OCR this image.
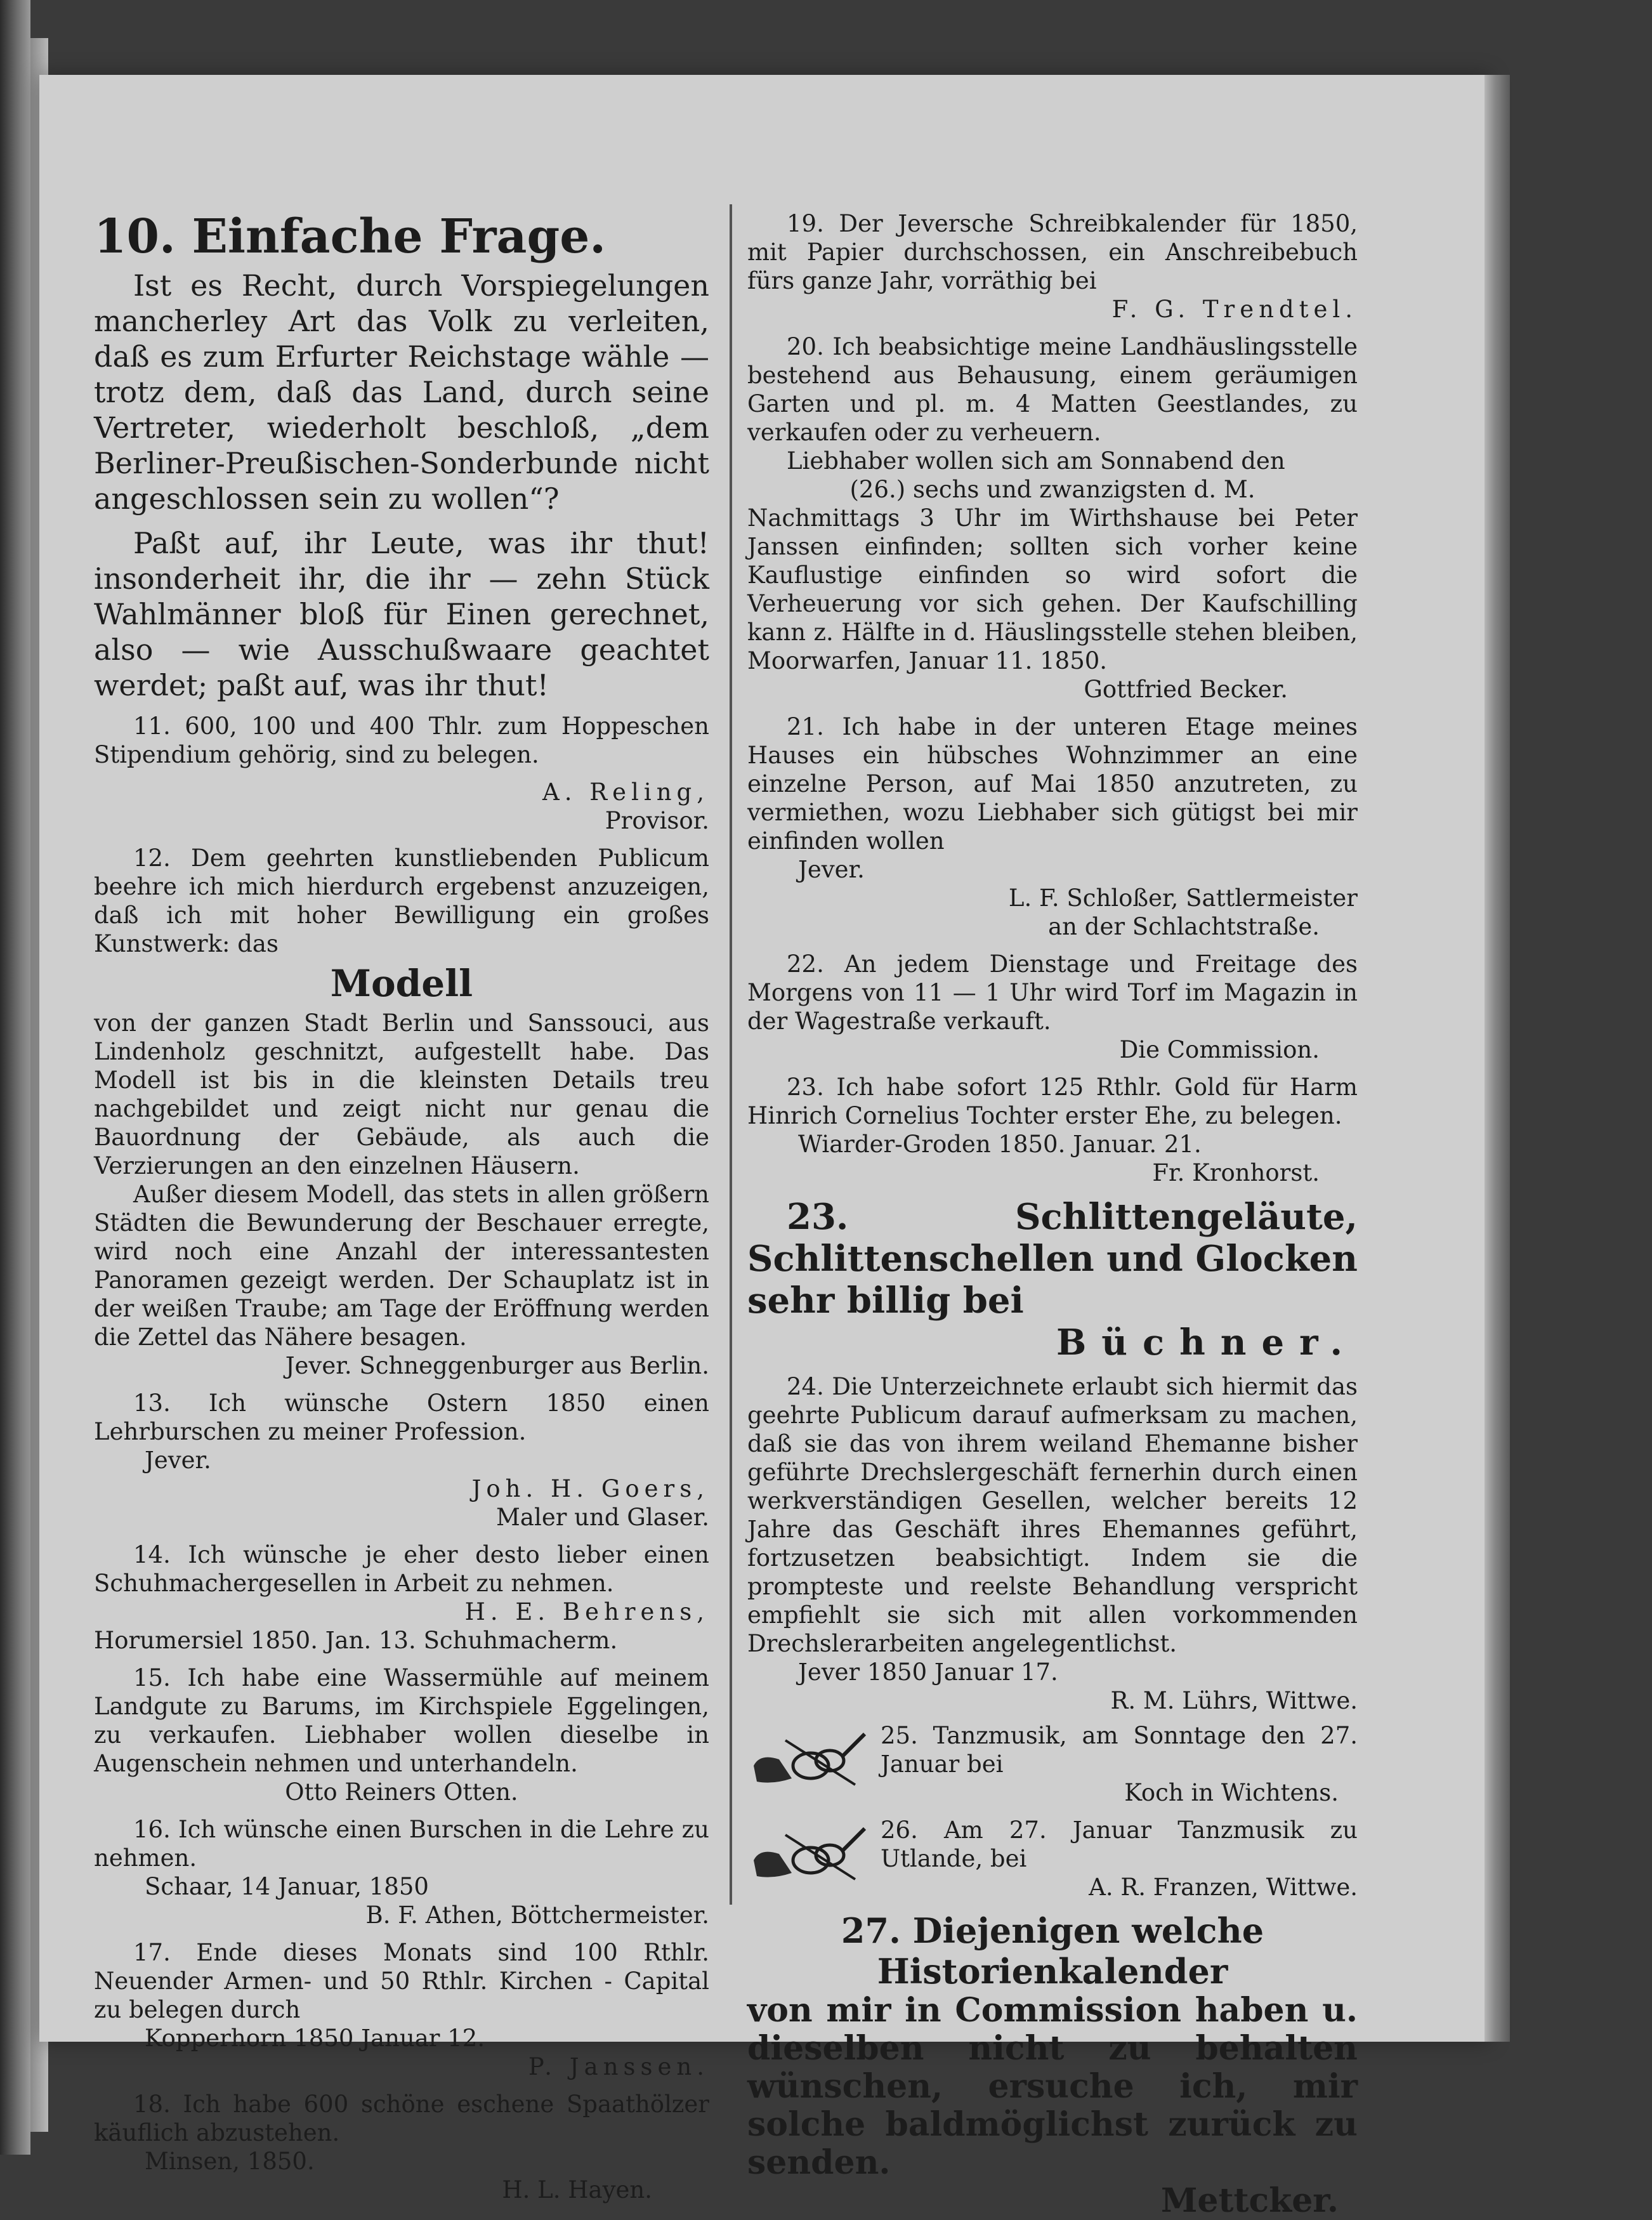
10. Einfache Frage.
Ist es Recht, durch Vorspiegelungen mancherley Art das Volk zu verleiten, daß es zum Erfurter Reichstage wähle — trotz dem, daß das Land, durch seine Vertreter, wiederholt beschloß, „dem Berliner-Preußischen-Sonderbunde nicht angeschlossen sein zu wollen“?
Paßt auf, ihr Leute, was ihr thut! insonderheit ihr, die ihr — zehn Stück Wahlmänner bloß für Einen gerechnet, also — wie Ausschußwaare geachtet werdet; paßt auf, was ihr thut!
11. 600, 100 und 400 Thlr. zum Hoppeschen Stipendium gehörig, sind zu belegen.
A. Reling,
Provisor.
12. Dem geehrten kunstliebenden Publicum beehre ich mich hierdurch ergebenst anzuzeigen, daß ich mit hoher Bewilligung ein großes Kunstwerk: das
Modell
von der ganzen Stadt Berlin und Sanssouci, aus Lindenholz geschnitzt, aufgestellt habe. Das Modell ist bis in die kleinsten Details treu nachgebildet und zeigt nicht nur genau die Bauordnung der Gebäude, als auch die Verzierungen an den einzelnen Häusern.
Außer diesem Modell, das stets in allen größern Städten die Bewunderung der Beschauer erregte, wird noch eine Anzahl der interessantesten Panoramen gezeigt werden. Der Schauplatz ist in der weißen Traube; am Tage der Eröffnung werden die Zettel das Nähere besagen.
Jever. Schneggenburger aus Berlin.
13. Ich wünsche Ostern 1850 einen Lehrburschen zu meiner Profession.
Jever.
Joh. H. Goers,
Maler und Glaser.
14. Ich wünsche je eher desto lieber einen Schuhmachergesellen in Arbeit zu nehmen.
H. E. Behrens,
Horumersiel 1850. Jan. 13. Schuhmacherm.
15. Ich habe eine Wassermühle auf meinem Landgute zu Barums, im Kirchspiele Eggelingen, zu verkaufen. Liebhaber wollen dieselbe in Augenschein nehmen und unterhandeln.
Otto Reiners Otten.
16. Ich wünsche einen Burschen in die Lehre zu nehmen.
Schaar, 14 Januar, 1850
B. F. Athen, Böttchermeister.
17. Ende dieses Monats sind 100 Rthlr. Neuender Armen- und 50 Rthlr. Kirchen - Capital zu belegen durch
Kopperhorn 1850 Januar 12.
P. Janssen.
18. Ich habe 600 schöne eschene Spaathölzer käuflich abzustehen.
Minsen, 1850.
H. L. Hayen.
19. Der Jeversche Schreibkalender für 1850, mit Papier durchschossen, ein Anschreibebuch fürs ganze Jahr, vorräthig bei
F. G. Trendtel.
20. Ich beabsichtige meine Landhäuslingsstelle bestehend aus Behausung, einem geräumigen Garten und pl. m. 4 Matten Geestlandes, zu verkaufen oder zu verheuern.
Liebhaber wollen sich am Sonnabend den
(26.) sechs und zwanzigsten d. M.
Nachmittags 3 Uhr im Wirthshause bei Peter Janssen einfinden; sollten sich vorher keine Kauflustige einfinden so wird sofort die Verheuerung vor sich gehen. Der Kaufschilling kann z. Hälfte in d. Häuslingsstelle stehen bleiben, Moorwarfen, Januar 11. 1850.
Gottfried Becker.
21. Ich habe in der unteren Etage meines Hauses ein hübsches Wohnzimmer an eine einzelne Person, auf Mai 1850 anzutreten, zu vermiethen, wozu Liebhaber sich gütigst bei mir einfinden wollen
Jever.
L. F. Schloßer, Sattlermeister
an der Schlachtstraße.
22. An jedem Dienstage und Freitage des Morgens von 11 — 1 Uhr wird Torf im Magazin in der Wagestraße verkauft.
Die Commission.
23. Ich habe sofort 125 Rthlr. Gold für Harm Hinrich Cornelius Tochter erster Ehe, zu belegen.
Wiarder-Groden 1850. Januar. 21.
Fr. Kronhorst.
23. Schlittengeläute, Schlittenschellen und Glocken sehr billig bei
Büchner.
24. Die Unterzeichnete erlaubt sich hiermit das geehrte Publicum darauf aufmerksam zu machen, daß sie das von ihrem weiland Ehemanne bisher geführte Drechslergeschäft fernerhin durch einen werkverständigen Gesellen, welcher bereits 12 Jahre das Geschäft ihres Ehemannes geführt, fortzusetzen beabsichtigt. Indem sie die prompteste und reelste Behandlung verspricht empfiehlt sie sich mit allen vorkommenden Drechslerarbeiten angelegentlichst.
Jever 1850 Januar 17.
R. M. Lührs, Wittwe.
25. Tanzmusik, am Sonntage den 27. Januar bei
Koch in Wichtens.
26. Am 27. Januar Tanzmusik zu Utlande, bei
A. R. Franzen, Wittwe.
27. Diejenigen welche
Historienkalender
von mir in Commission haben u. dieselben nicht zu behalten wünschen, ersuche ich, mir solche baldmöglichst zurück zu senden.
Mettcker.
